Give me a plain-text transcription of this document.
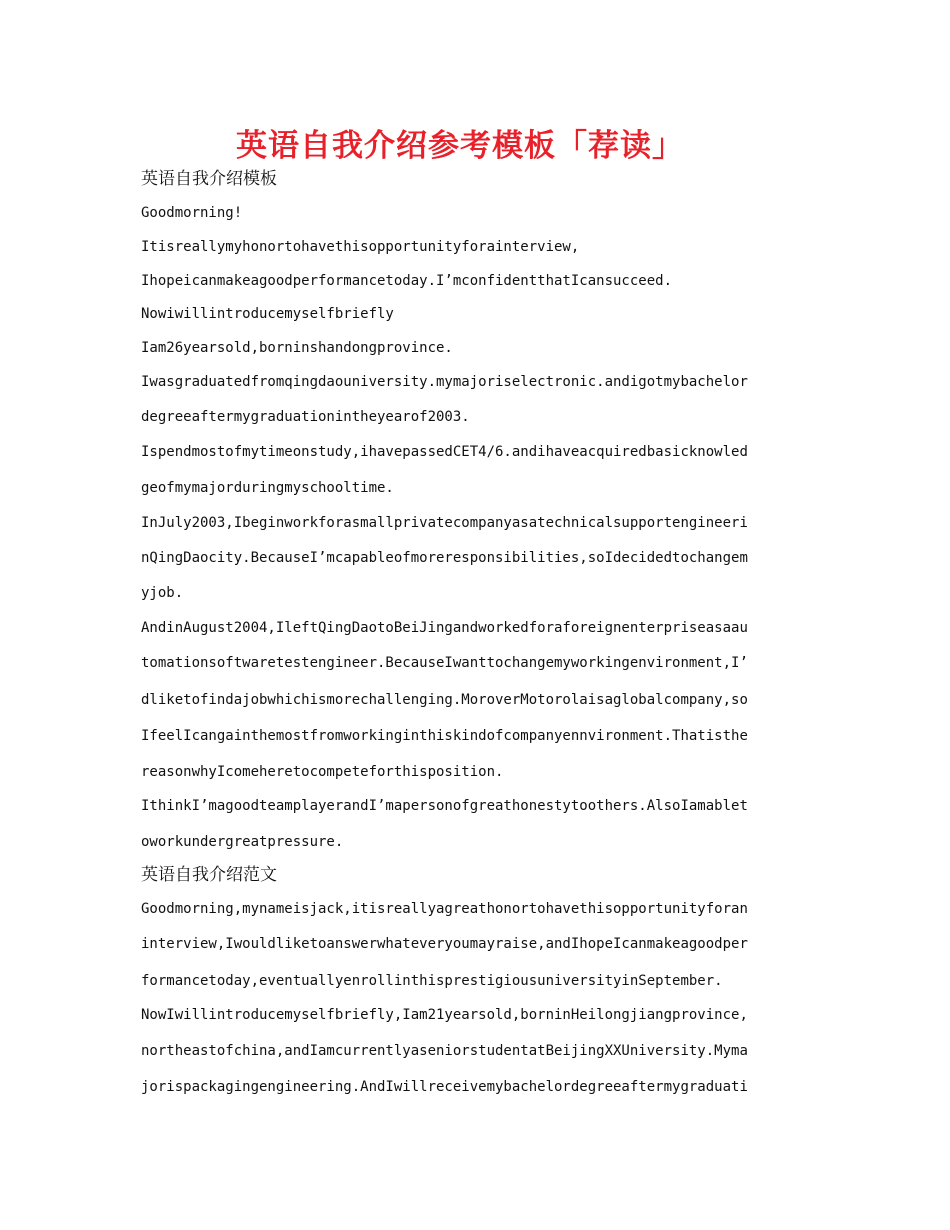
英语自我介绍参考模板「荐读」
英语自我介绍模板
Goodmorning!
Itisreallymyhonortohavethisopportunityforainterview,
Ihopeicanmakeagoodperformancetoday.I’mconfidentthatIcansucceed.
Nowiwillintroducemyselfbriefly
Iam26yearsold,borninshandongprovince.
Iwasgraduatedfromqingdaouniversity.mymajoriselectronic.andigotmybachelor
degreeaftermygraduationintheyearof2003.
Ispendmostofmytimeonstudy,ihavepassedCET4/6.andihaveacquiredbasicknowled
geofmymajorduringmyschooltime.
InJuly2003,Ibeginworkforasmallprivatecompanyasatechnicalsupportengineeri
nQingDaocity.BecauseI’mcapableofmoreresponsibilities,soIdecidedtochangem
yjob.
AndinAugust2004,IleftQingDaotoBeiJingandworkedforaforeignenterpriseasaau
tomationsoftwaretestengineer.BecauseIwanttochangemyworkingenvironment,I’
dliketofindajobwhichismorechallenging.MoroverMotorolaisaglobalcompany,so
IfeelIcangainthemostfromworkinginthiskindofcompanyennvironment.Thatisthe
reasonwhyIcomeheretocompeteforthisposition.
IthinkI’magoodteamplayerandI’mapersonofgreathonestytoothers.AlsoIamablet
oworkundergreatpressure.
英语自我介绍范文
Goodmorning,mynameisjack,itisreallyagreathonortohavethisopportunityforan
interview,Iwouldliketoanswerwhateveryoumayraise,andIhopeIcanmakeagoodper
formancetoday,eventuallyenrollinthisprestigiousuniversityinSeptember.
NowIwillintroducemyselfbriefly,Iam21yearsold,borninHeilongjiangprovince,
northeastofchina,andIamcurrentlyaseniorstudentatBeijingXXUniversity.Myma
jorispackagingengineering.AndIwillreceivemybachelordegreeaftermygraduati
